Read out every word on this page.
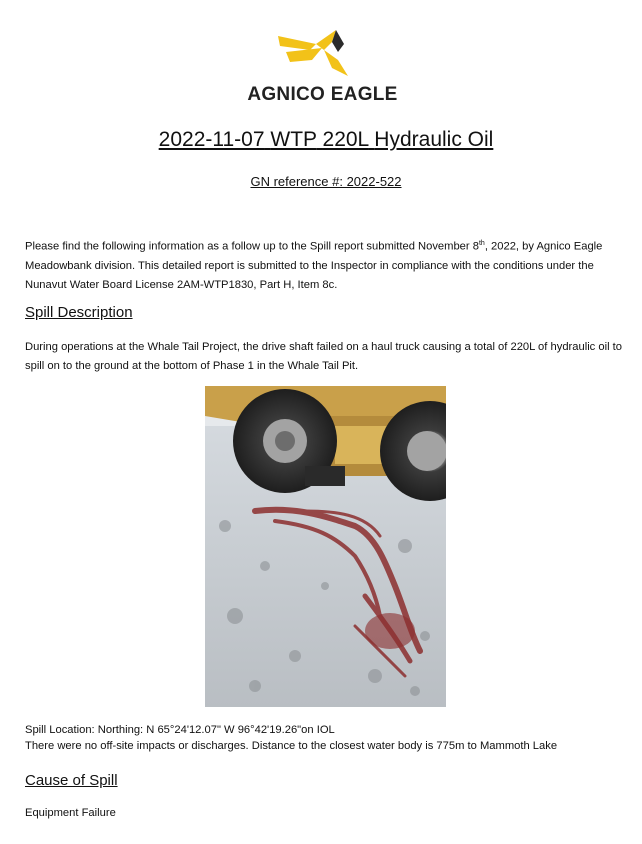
AGNICO EAGLE
2022-11-07 WTP 220L Hydraulic Oil
GN reference #: 2022-522
Please find the following information as a follow up to the Spill report submitted November 8th, 2022, by Agnico Eagle Meadowbank division. This detailed report is submitted to the Inspector in compliance with the conditions under the Nunavut Water Board License 2AM-WTP1830, Part H, Item 8c.
Spill Description
During operations at the Whale Tail Project, the drive shaft failed on a haul truck causing a total of 220L of hydraulic oil to spill on to the ground at the bottom of Phase 1 in the Whale Tail Pit.
Spill Location: Northing: N 65°24'12.07" W 96°42'19.26"on IOL
There were no off-site impacts or discharges. Distance to the closest water body is 775m to Mammoth Lake
Cause of Spill
Equipment Failure
